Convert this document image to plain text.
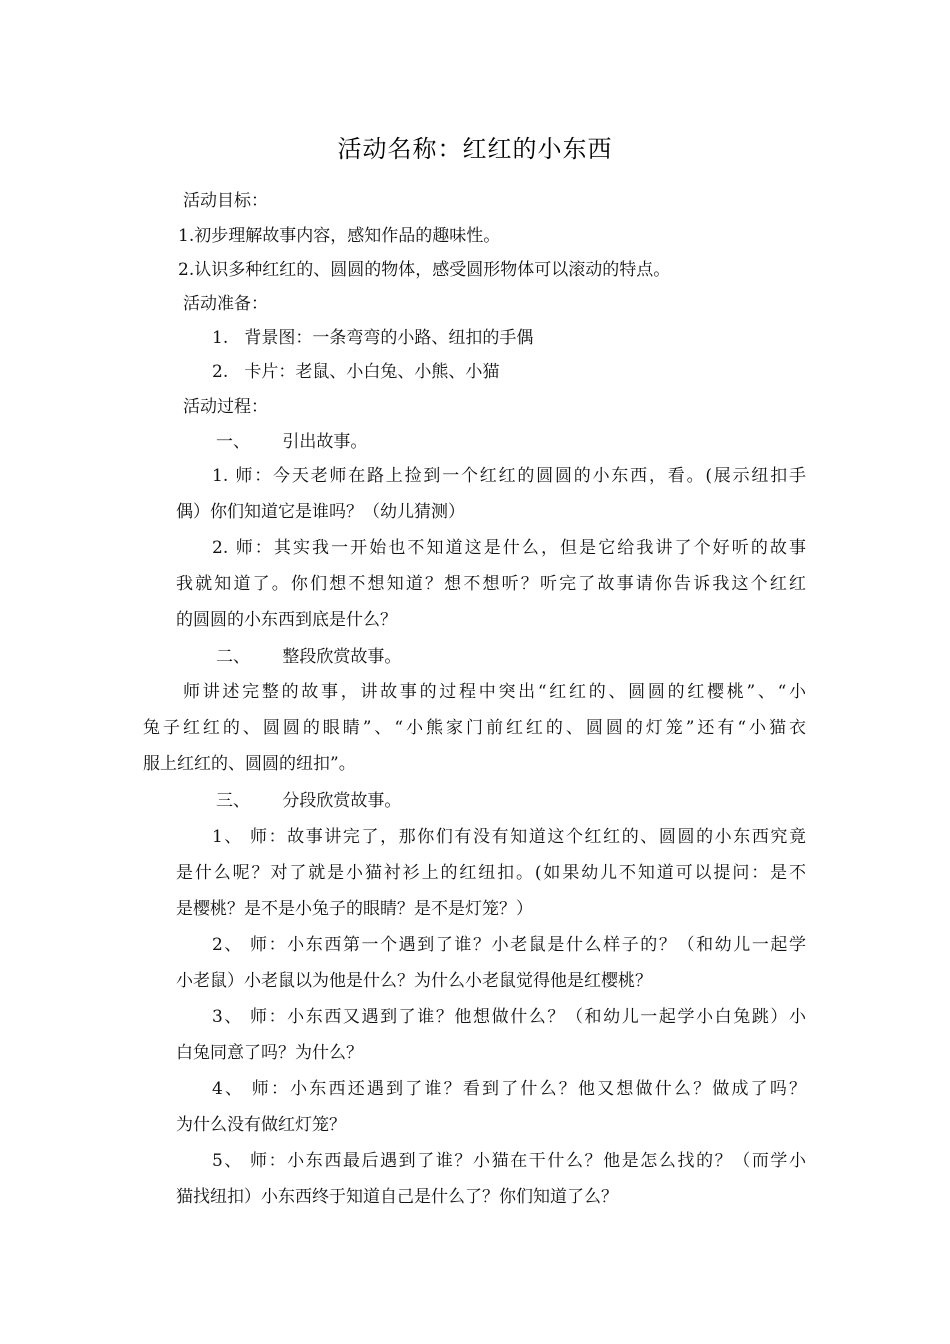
活动名称：红红的小东西
活动目标：
1.初步理解故事内容，感知作品的趣味性。
2.认识多种红红的、圆圆的物体，感受圆形物体可以滚动的特点。
活动准备：
1.   背景图：一条弯弯的小路、纽扣的手偶
2.   卡片：老鼠、小白兔、小熊、小猫
活动过程：
一、      引出故事。
1. 师：今天老师在路上捡到一个红红的圆圆的小东西，看。(展示纽扣手
偶）你们知道它是谁吗？（幼儿猜测）
2. 师：其实我一开始也不知道这是什么，但是它给我讲了个好听的故事
我就知道了。你们想不想知道？想不想听？听完了故事请你告诉我这个红红
的圆圆的小东西到底是什么？
二、      整段欣赏故事。
师讲述完整的故事，讲故事的过程中突出“红红的、圆圆的红樱桃”、“小
兔子红红的、圆圆的眼睛”、“小熊家门前红红的、圆圆的灯笼”还有“小猫衣
服上红红的、圆圆的纽扣”。
三、      分段欣赏故事。
1、 师：故事讲完了，那你们有没有知道这个红红的、圆圆的小东西究竟
是什么呢？对了就是小猫衬衫上的红纽扣。(如果幼儿不知道可以提问：是不
是樱桃？是不是小兔子的眼睛？是不是灯笼？）
2、 师：小东西第一个遇到了谁？小老鼠是什么样子的？（和幼儿一起学
小老鼠）小老鼠以为他是什么？为什么小老鼠觉得他是红樱桃？
3、 师：小东西又遇到了谁？他想做什么？（和幼儿一起学小白兔跳）小
白兔同意了吗？为什么？
4、 师：小东西还遇到了谁？看到了什么？他又想做什么？做成了吗？
为什么没有做红灯笼？
5、 师：小东西最后遇到了谁？小猫在干什么？他是怎么找的？（而学小
猫找纽扣）小东西终于知道自己是什么了？你们知道了么？
